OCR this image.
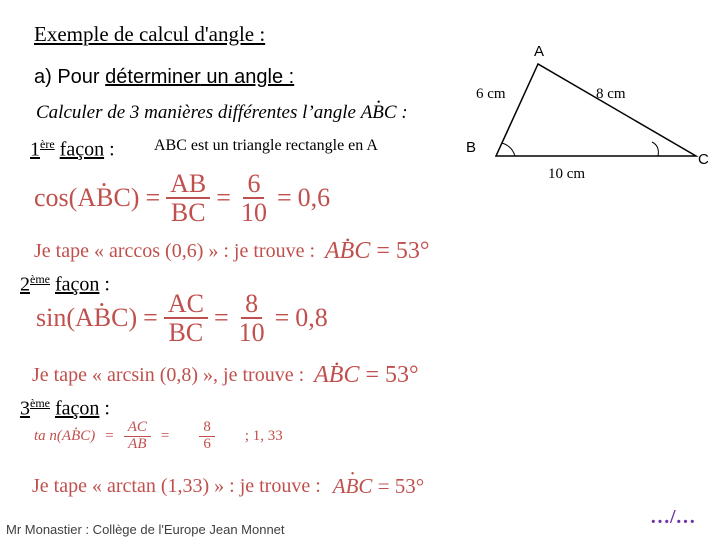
Exemple de calcul d'angle :
a) Pour déterminer un angle :
Calculer de 3 manières différentes l’angle • ABC :
1ère façon : ABC est un triangle rectangle en A
cos( • ABC ) = $\frac{AB}{BC} = \frac{6}{10} = 0,6$
Je tape « arccos (0,6) » : je trouve : • ABC = 53°
2ème façon :
sin( • ABC ) = $\frac{AC}{BC} = \frac{8}{10} = 0,8$
Je tape « arcsin (0,8) », je trouve : • ABC = 53°
3ème façon :
ta n( • ABC ) = $\frac{AC}{AB} = \frac{8}{6}$ ; 1, 33
Je tape « arctan (1,33) » : je trouve : • ABC = 53°
A
B
C
6 cm	8 cm
10 cm
Mr Monastier : Collège de l'Europe Jean Monnet
…/…
